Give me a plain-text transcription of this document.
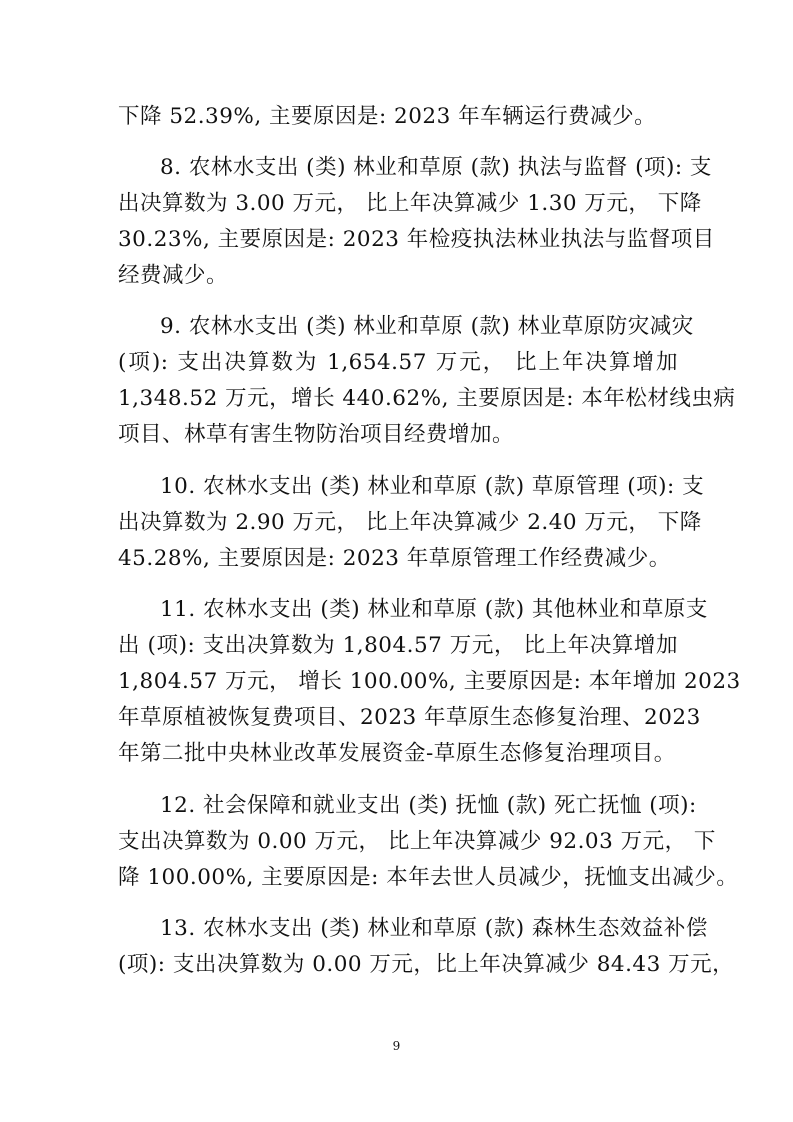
下降 52.39%, 主要原因是: 2023 年车辆运行费减少。
8. 农林水支出 (类) 林业和草原 (款) 执法与监督 (项): 支
出决算数为 3.00 万元， 比上年决算减少 1.30 万元， 下降
30.23%, 主要原因是: 2023 年检疫执法林业执法与监督项目
经费减少。
9. 农林水支出 (类) 林业和草原 (款) 林业草原防灾减灾
(项): 支出决算数为 1,654.57 万元， 比上年决算增加
1,348.52 万元，增长 440.62%, 主要原因是: 本年松材线虫病
项目、林草有害生物防治项目经费增加。
10. 农林水支出 (类) 林业和草原 (款) 草原管理 (项): 支
出决算数为 2.90 万元， 比上年决算减少 2.40 万元， 下降
45.28%, 主要原因是: 2023 年草原管理工作经费减少。
11. 农林水支出 (类) 林业和草原 (款) 其他林业和草原支
出 (项): 支出决算数为 1,804.57 万元， 比上年决算增加
1,804.57 万元， 增长 100.00%, 主要原因是: 本年增加 2023
年草原植被恢复费项目、2023 年草原生态修复治理、2023
年第二批中央林业改革发展资金-草原生态修复治理项目。
12. 社会保障和就业支出 (类) 抚恤 (款) 死亡抚恤 (项):
支出决算数为 0.00 万元， 比上年决算减少 92.03 万元， 下
降 100.00%, 主要原因是: 本年去世人员减少，抚恤支出减少。
13. 农林水支出 (类) 林业和草原 (款) 森林生态效益补偿
(项): 支出决算数为 0.00 万元，比上年决算减少 84.43 万元，
9
